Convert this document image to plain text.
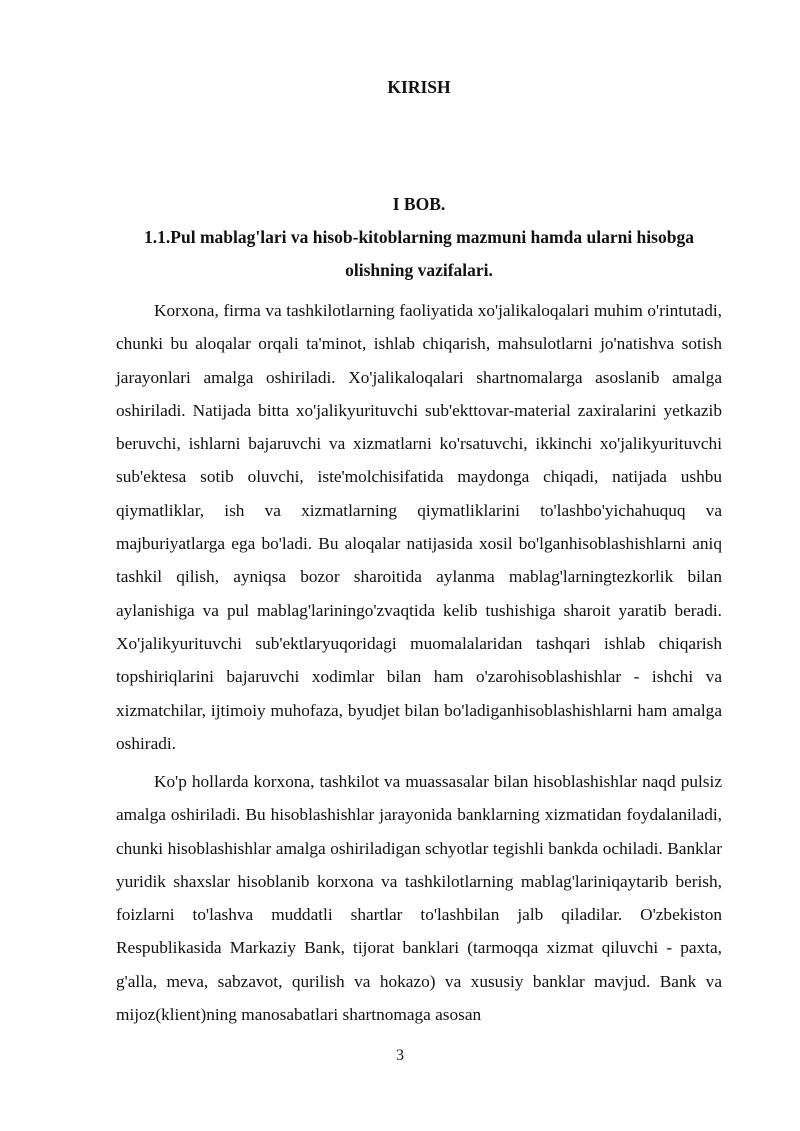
KIRISH
I BOB.
1.1.Pul mablag'lari va hisob-kitoblarning mazmuni hamda ularni hisobga olishning vazifalari.

Korxona, firma va tashkilotlarning faoliyatida xo'jalikaloqalari muhim o'rintutadi, chunki bu aloqalar orqali ta'minot, ishlab chiqarish, mahsulotlarni jo'natishva sotish jarayonlari amalga oshiriladi. Xo'jalikaloqalari shartnomalarga asoslanib amalga oshiriladi. Natijada bitta xo'jalikyurituvchi sub'ekttovar-material zaxiralarini yetkazib beruvchi, ishlarni bajaruvchi va xizmatlarni ko'rsatuvchi, ikkinchi xo'jalikyurituvchi sub'ektesa sotib oluvchi, iste'molchisifatida maydonga chiqadi, natijada ushbu qiymatliklar, ish va xizmatlarning qiymatliklarini to'lashbo'yichahuquq va majburiyatlarga ega bo'ladi. Bu aloqalar natijasida xosil bo'lganhisoblashishlarni aniq tashkil qilish, ayniqsa bozor sharoitida aylanma mablag'larningtezkorlik bilan aylanishiga va pul mablag'lariningo'zvaqtida kelib tushishiga sharoit yaratib beradi. Xo'jalikyurituvchi sub'ektlaryuqoridagi muomalalaridan tashqari ishlab chiqarish topshiriqlarini bajaruvchi xodimlar bilan ham o'zarohisoblashishlar - ishchi va xizmatchilar, ijtimoiy muhofaza, byudjet bilan bo'ladiganhisoblashishlarni ham amalga oshiradi.

Ko'p hollarda korxona, tashkilot va muassasalar bilan hisoblashishlar naqd pulsiz amalga oshiriladi. Bu hisoblashishlar jarayonida banklarning xizmatidan foydalaniladi, chunki hisoblashishlar amalga oshiriladigan schyotlar tegishli bankda ochiladi. Banklar yuridik shaxslar hisoblanib korxona va tashkilotlarning mablag'lariniqaytarib berish, foizlarni to'lashva muddatli shartlar to'lashbilan jalb qiladilar. O'zbekiston Respublikasida Markaziy Bank, tijorat banklari (tarmoqqa xizmat qiluvchi - paxta, g'alla, meva, sabzavot, qurilish va hokazo) va xususiy banklar mavjud. Bank va mijoz(klient)ning manosabatlari shartnomaga asosan

3
